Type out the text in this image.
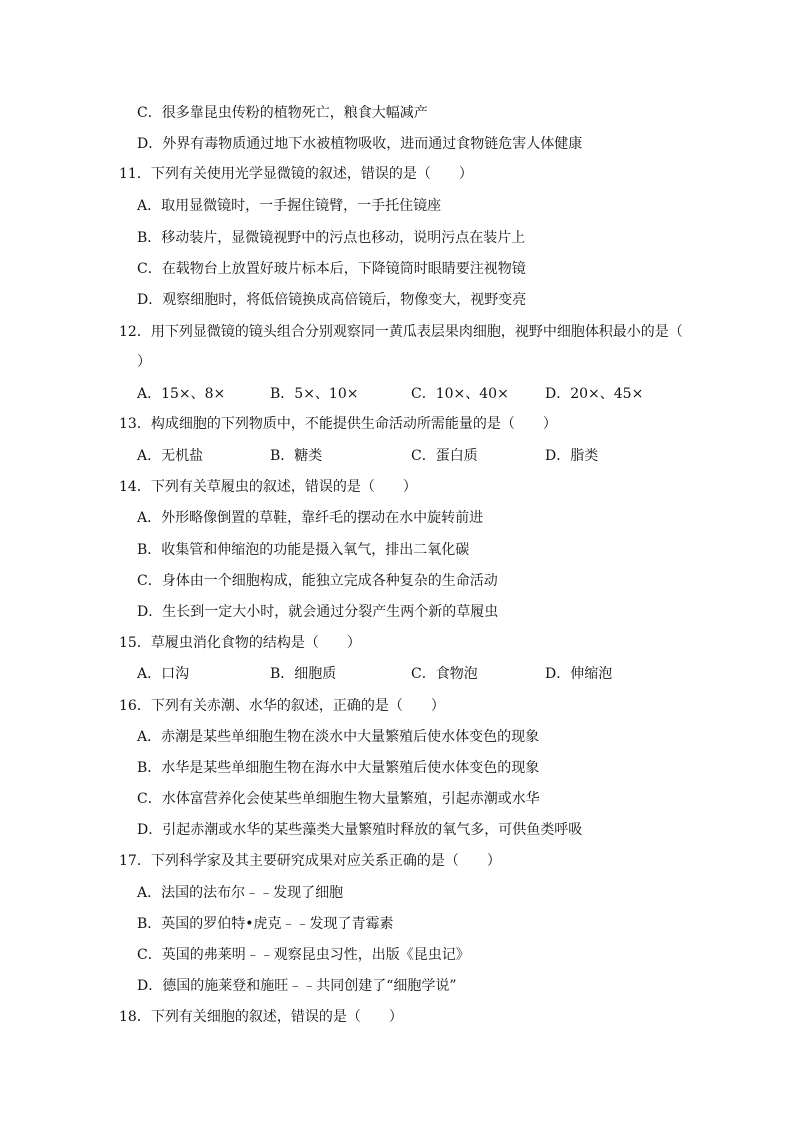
C．很多靠昆虫传粉的植物死亡，粮食大幅减产
D．外界有毒物质通过地下水被植物吸收，进而通过食物链危害人体健康
11．下列有关使用光学显微镜的叙述，错误的是（　　）
A．取用显微镜时，一手握住镜臂，一手托住镜座
B．移动装片，显微镜视野中的污点也移动，说明污点在装片上
C．在载物台上放置好玻片标本后，下降镜筒时眼睛要注视物镜
D．观察细胞时，将低倍镜换成高倍镜后，物像变大，视野变亮
12．用下列显微镜的镜头组合分别观察同一黄瓜表层果肉细胞，视野中细胞体积最小的是（
）
A．15×、8×	B．5×、10×	C．10×、40×	D．20×、45×
13．构成细胞的下列物质中，不能提供生命活动所需能量的是（　　）
A．无机盐	B．糖类	C．蛋白质	D．脂类
14．下列有关草履虫的叙述，错误的是（　　）
A．外形略像倒置的草鞋，靠纤毛的摆动在水中旋转前进
B．收集管和伸缩泡的功能是摄入氧气，排出二氧化碳
C．身体由一个细胞构成，能独立完成各种复杂的生命活动
D．生长到一定大小时，就会通过分裂产生两个新的草履虫
15．草履虫消化食物的结构是（　　）
A．口沟	B．细胞质	C．食物泡	D．伸缩泡
16．下列有关赤潮、水华的叙述，正确的是（　　）
A．赤潮是某些单细胞生物在淡水中大量繁殖后使水体变色的现象
B．水华是某些单细胞生物在海水中大量繁殖后使水体变色的现象
C．水体富营养化会使某些单细胞生物大量繁殖，引起赤潮或水华
D．引起赤潮或水华的某些藻类大量繁殖时释放的氧气多，可供鱼类呼吸
17．下列科学家及其主要研究成果对应关系正确的是（　　）
A．法国的法布尔﹣﹣发现了细胞
B．英国的罗伯特•虎克﹣﹣发现了青霉素
C．英国的弗莱明﹣﹣观察昆虫习性，出版《昆虫记》
D．德国的施莱登和施旺﹣﹣共同创建了“细胞学说”
18．下列有关细胞的叙述，错误的是（　　）
